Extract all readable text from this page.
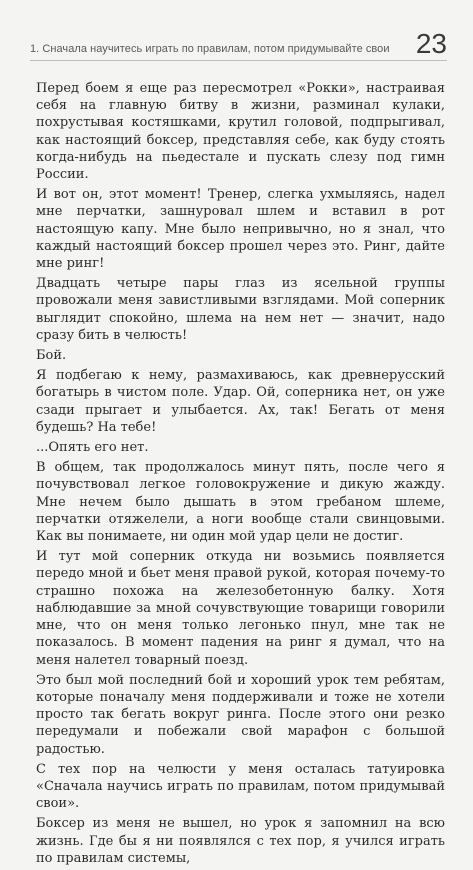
1. Сначала научитесь играть по правилам, потом придумывайте свои 23

Перед боем я еще раз пересмотрел «Рокки», настраивая себя на главную битву в жизни, разминал кулаки, похрустывая костяшками, крутил головой, подпрыгивал, как настоящий боксер, представляя себе, как буду стоять когда-нибудь на пьедестале и пускать слезу под гимн России.

И вот он, этот момент! Тренер, слегка ухмыляясь, надел мне перчатки, зашнуровал шлем и вставил в рот настоящую капу. Мне было непривычно, но я знал, что каждый настоящий боксер прошел через это. Ринг, дайте мне ринг!

Двадцать четыре пары глаз из ясельной группы провожали меня завистливыми взглядами. Мой соперник выглядит спокойно, шлема на нем нет — значит, надо сразу бить в челюсть!

Бой.

Я подбегаю к нему, размахиваюсь, как древнерусский богатырь в чистом поле. Удар. Ой, соперника нет, он уже сзади прыгает и улыбается. Ах, так! Бегать от меня будешь? На тебе!

...Опять его нет.

В общем, так продолжалось минут пять, после чего я почувствовал легкое головокружение и дикую жажду. Мне нечем было дышать в этом гребаном шлеме, перчатки отяжелели, а ноги вообще стали свинцовыми. Как вы понимаете, ни один мой удар цели не достиг.

И тут мой соперник откуда ни возьмись появляется передо мной и бьет меня правой рукой, которая почему-то страшно похожа на железобетонную балку. Хотя наблюдавшие за мной сочувствующие товарищи говорили мне, что он меня только легонько пнул, мне так не показалось. В момент падения на ринг я думал, что на меня налетел товарный поезд.

Это был мой последний бой и хороший урок тем ребятам, которые поначалу меня поддерживали и тоже не хотели просто так бегать вокруг ринга. После этого они резко передумали и побежали свой марафон с большой радостью.

С тех пор на челюсти у меня осталась татуировка «Сначала научись играть по правилам, потом придумывай свои».

Боксер из меня не вышел, но урок я запомнил на всю жизнь. Где бы я ни появлялся с тех пор, я учился играть по правилам системы,
